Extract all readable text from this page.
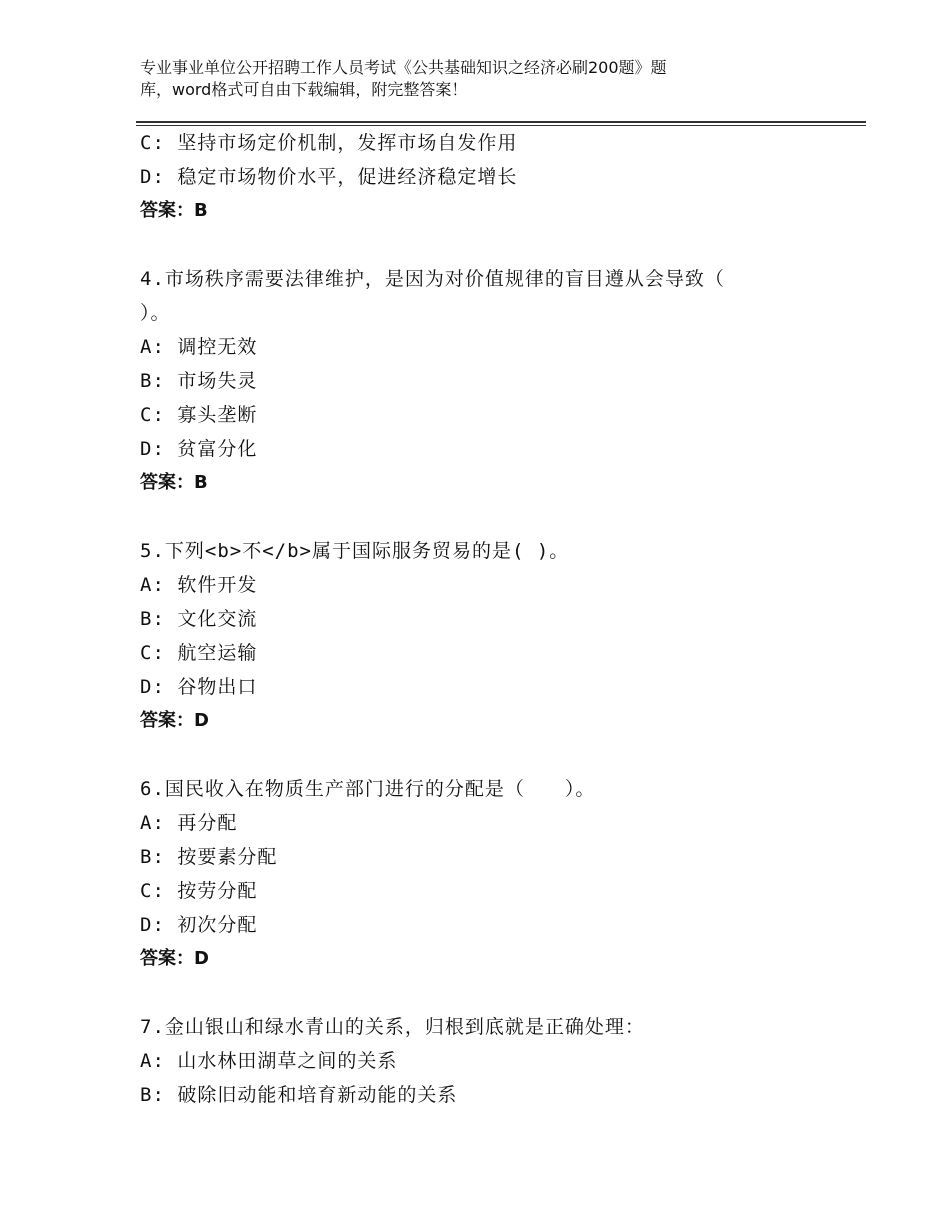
专业事业单位公开招聘工作人员考试《公共基础知识之经济必刷200题》题
库，word格式可自由下载编辑，附完整答案！
C: 坚持市场定价机制，发挥市场自发作用
D: 稳定市场物价水平，促进经济稳定增长
答案：B
4.市场秩序需要法律维护，是因为对价值规律的盲目遵从会导致（
）。
A: 调控无效
B: 市场失灵
C: 寡头垄断
D: 贫富分化
答案：B
5.下列<b>不</b>属于国际服务贸易的是( )。
A: 软件开发
B: 文化交流
C: 航空运输
D: 谷物出口
答案：D
6.国民收入在物质生产部门进行的分配是（　　）。
A: 再分配
B: 按要素分配
C: 按劳分配
D: 初次分配
答案：D
7.金山银山和绿水青山的关系，归根到底就是正确处理：
A: 山水林田湖草之间的关系
B: 破除旧动能和培育新动能的关系
